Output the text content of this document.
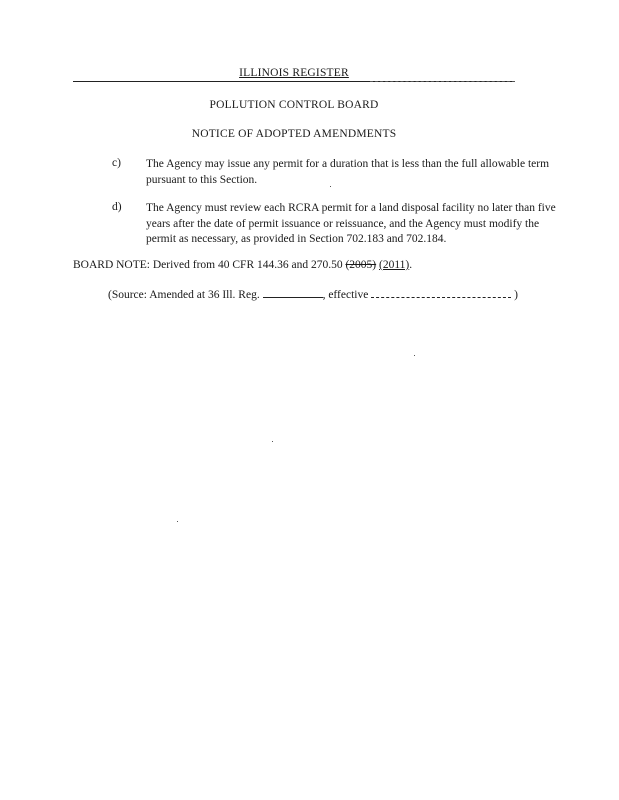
ILLINOIS REGISTER
POLLUTION CONTROL BOARD
NOTICE OF ADOPTED AMENDMENTS
c)	The Agency may issue any permit for a duration that is less than the full allowable term pursuant to this Section.
d)	The Agency must review each RCRA permit for a land disposal facility no later than five years after the date of permit issuance or reissuance, and the Agency must modify the permit as necessary, as provided in Section 702.183 and 702.184.
BOARD NOTE: Derived from 40 CFR 144.36 and 270.50 (2005) (2011).
(Source: Amended at 36 Ill. Reg.	, effective	)
